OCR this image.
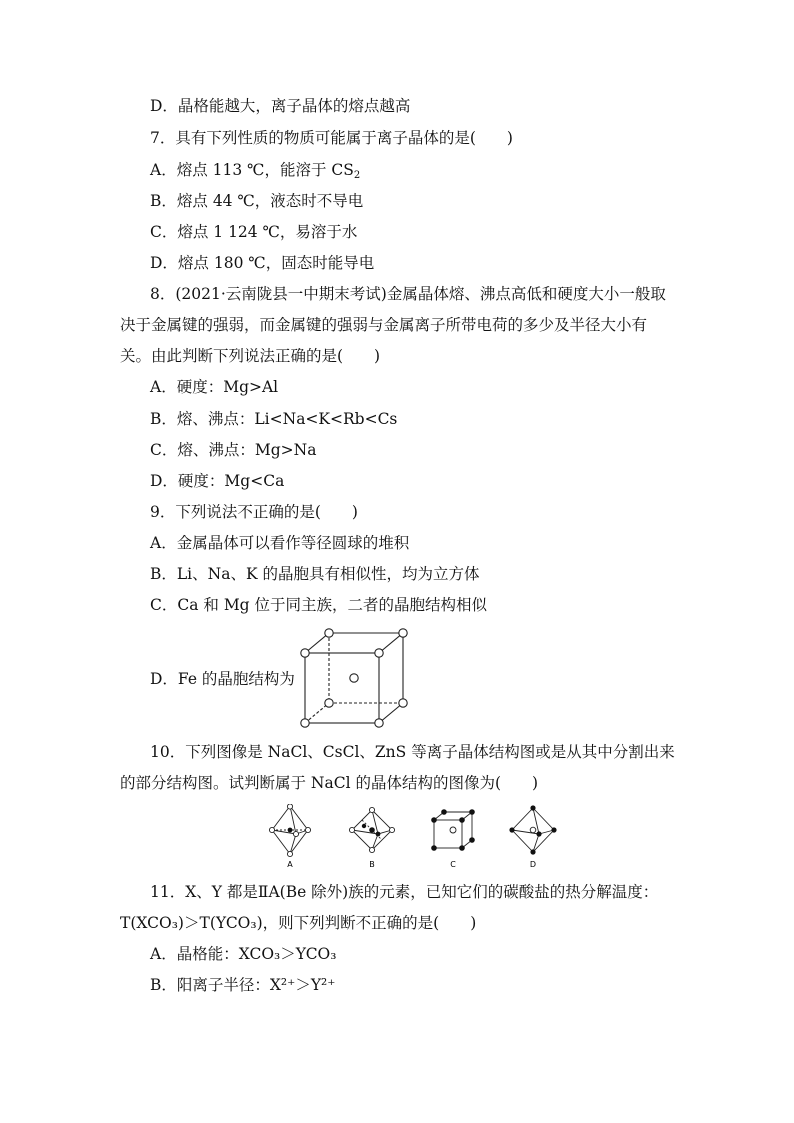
D．晶格能越大，离子晶体的熔点越高
7．具有下列性质的物质可能属于离子晶体的是(　　)
A．熔点 113 ℃，能溶于 $CS_2$
B．熔点 44 ℃，液态时不导电
C．熔点 1 124 ℃，易溶于水
D．熔点 180 ℃，固态时能导电
8．(2021·云南陇县一中期末考试)金属晶体熔、沸点高低和硬度大小一般取
决于金属键的强弱，而金属键的强弱与金属离子所带电荷的多少及半径大小有
关。由此判断下列说法正确的是(　　)
A．硬度：Mg>Al
B．熔、沸点：Li<Na<K<Rb<Cs
C．熔、沸点：Mg>Na
D．硬度：Mg<Ca
9．下列说法不正确的是(　　)
A．金属晶体可以看作等径圆球的堆积
B．Li、Na、K 的晶胞具有相似性，均为立方体
C．Ca 和 Mg 位于同主族，二者的晶胞结构相似
D．Fe 的晶胞结构为
10．下列图像是 NaCl、CsCl、ZnS 等离子晶体结构图或是从其中分割出来
的部分结构图。试判断属于 NaCl 的晶体结构的图像为(　　)
A	B	C	D
11．X、Y 都是ⅡA(Be 除外)族的元素，已知它们的碳酸盐的热分解温度：
T(XCO₃)＞T(YCO₃)，则下列判断不正确的是(　　)
A．晶格能：XCO₃＞YCO₃
B．阳离子半径：X²⁺＞Y²⁺
